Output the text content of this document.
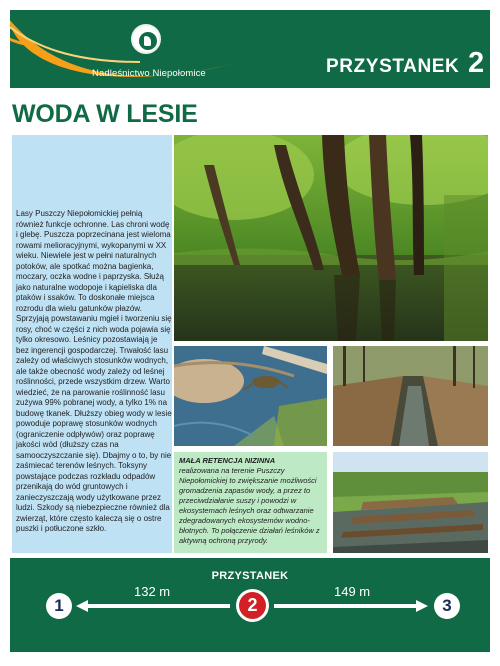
Nadleśnictwo Niepołomice	PRZYSTANEK 2
WODA W LESIE
Lasy Puszczy Niepołomickiej pełnią również funkcje ochronne. Las chroni wodę i glebę. Puszcza poprzecinana jest wieloma rowami melioracyjnymi, wykopanymi w XX wieku. Niewiele jest w pełni naturalnych potoków, ale spotkać można bagienka, moczary, oczka wodne i paprzyska. Służą jako naturalne wodopoje i kąpieliska dla ptaków i ssaków. To doskonałe miejsca rozrodu dla wielu gatunków płazów. Sprzyjają powstawaniu mgieł i tworzeniu się rosy, choć w części z nich woda pojawia się tylko okresowo. Leśnicy pozostawiają je bez ingerencji gospodarczej. Trwałość lasu zależy od właściwych stosunków wodnych, ale także obecność wody zależy od leśnej roślinności, przede wszystkim drzew. Warto wiedzieć, że na parowanie roślinność lasu zużywa 99% pobranej wody, a tylko 1% na budowę tkanek. Dłuższy obieg wody w lesie powoduje poprawę stosunków wodnych (ograniczenie odpływów) oraz poprawę jakości wód (dłuższy czas na samooczyszczanie się). Dbajmy o to, by nie zaśmiecać terenów leśnych. Toksyny powstające podczas rozkładu odpadów przenikają do wód gruntowych i zanieczyszczają wody użytkowane przez ludzi. Szkody są niebezpieczne również dla zwierząt, które często kaleczą się o ostre puszki i potłuczone szkło.
MAŁA RETENCJA NIZINNA
realizowana na terenie Puszczy Niepołomickiej to zwiększanie możliwości gromadzenia zapasów wody, a przez to przeciwdziałanie suszy i powodzi w ekosystemach leśnych oraz odtwarzanie zdegradowanych ekosystemów wodno-błotnych. To połączenie działań leśników z aktywną ochroną przyrody.
PRZYSTANEK
1
132 m
2
149 m
3
